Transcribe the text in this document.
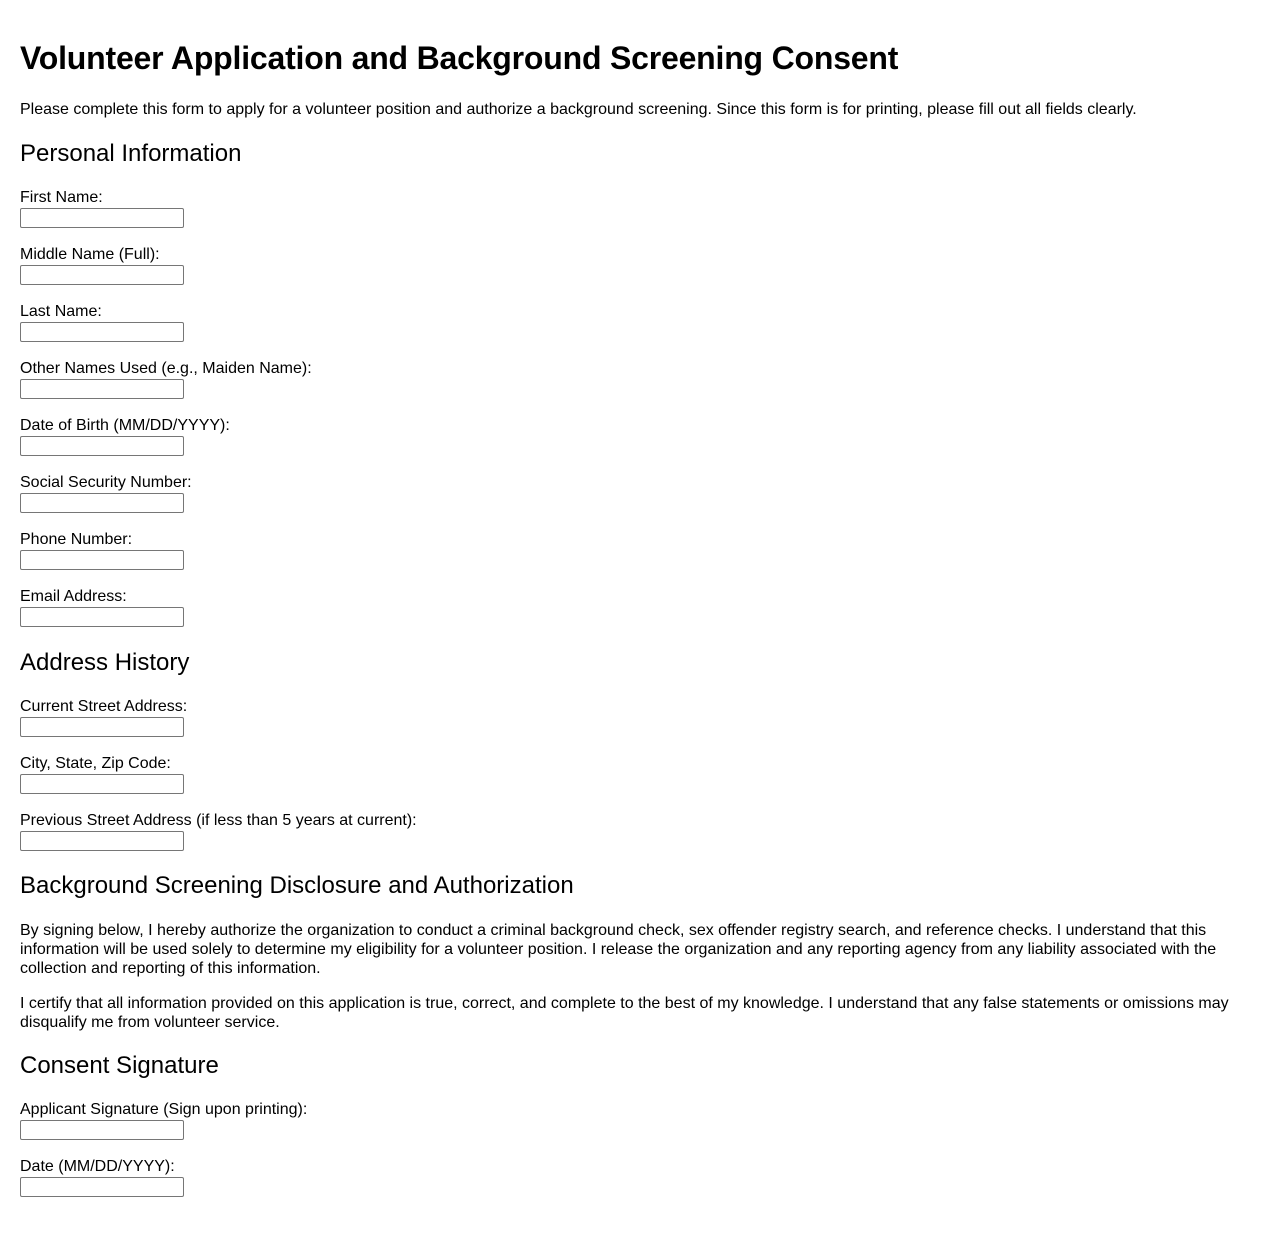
Volunteer Application and Background Screening Consent

Please complete this form to apply for a volunteer position and authorize a background screening. Since this form is for printing, please fill out all fields clearly.

Personal Information
First Name:
Middle Name (Full):
Last Name:
Other Names Used (e.g., Maiden Name):
Date of Birth (MM/DD/YYYY):
Social Security Number:
Phone Number:
Email Address:
Address History
Current Street Address:
City, State, Zip Code:
Previous Street Address (if less than 5 years at current):
Background Screening Disclosure and Authorization

By signing below, I hereby authorize the organization to conduct a criminal background check, sex offender registry search, and reference checks. I understand that this information will be used solely to determine my eligibility for a volunteer position. I release the organization and any reporting agency from any liability associated with the collection and reporting of this information.

I certify that all information provided on this application is true, correct, and complete to the best of my knowledge. I understand that any false statements or omissions may disqualify me from volunteer service.

Consent Signature
Applicant Signature (Sign upon printing):
Date (MM/DD/YYYY):
